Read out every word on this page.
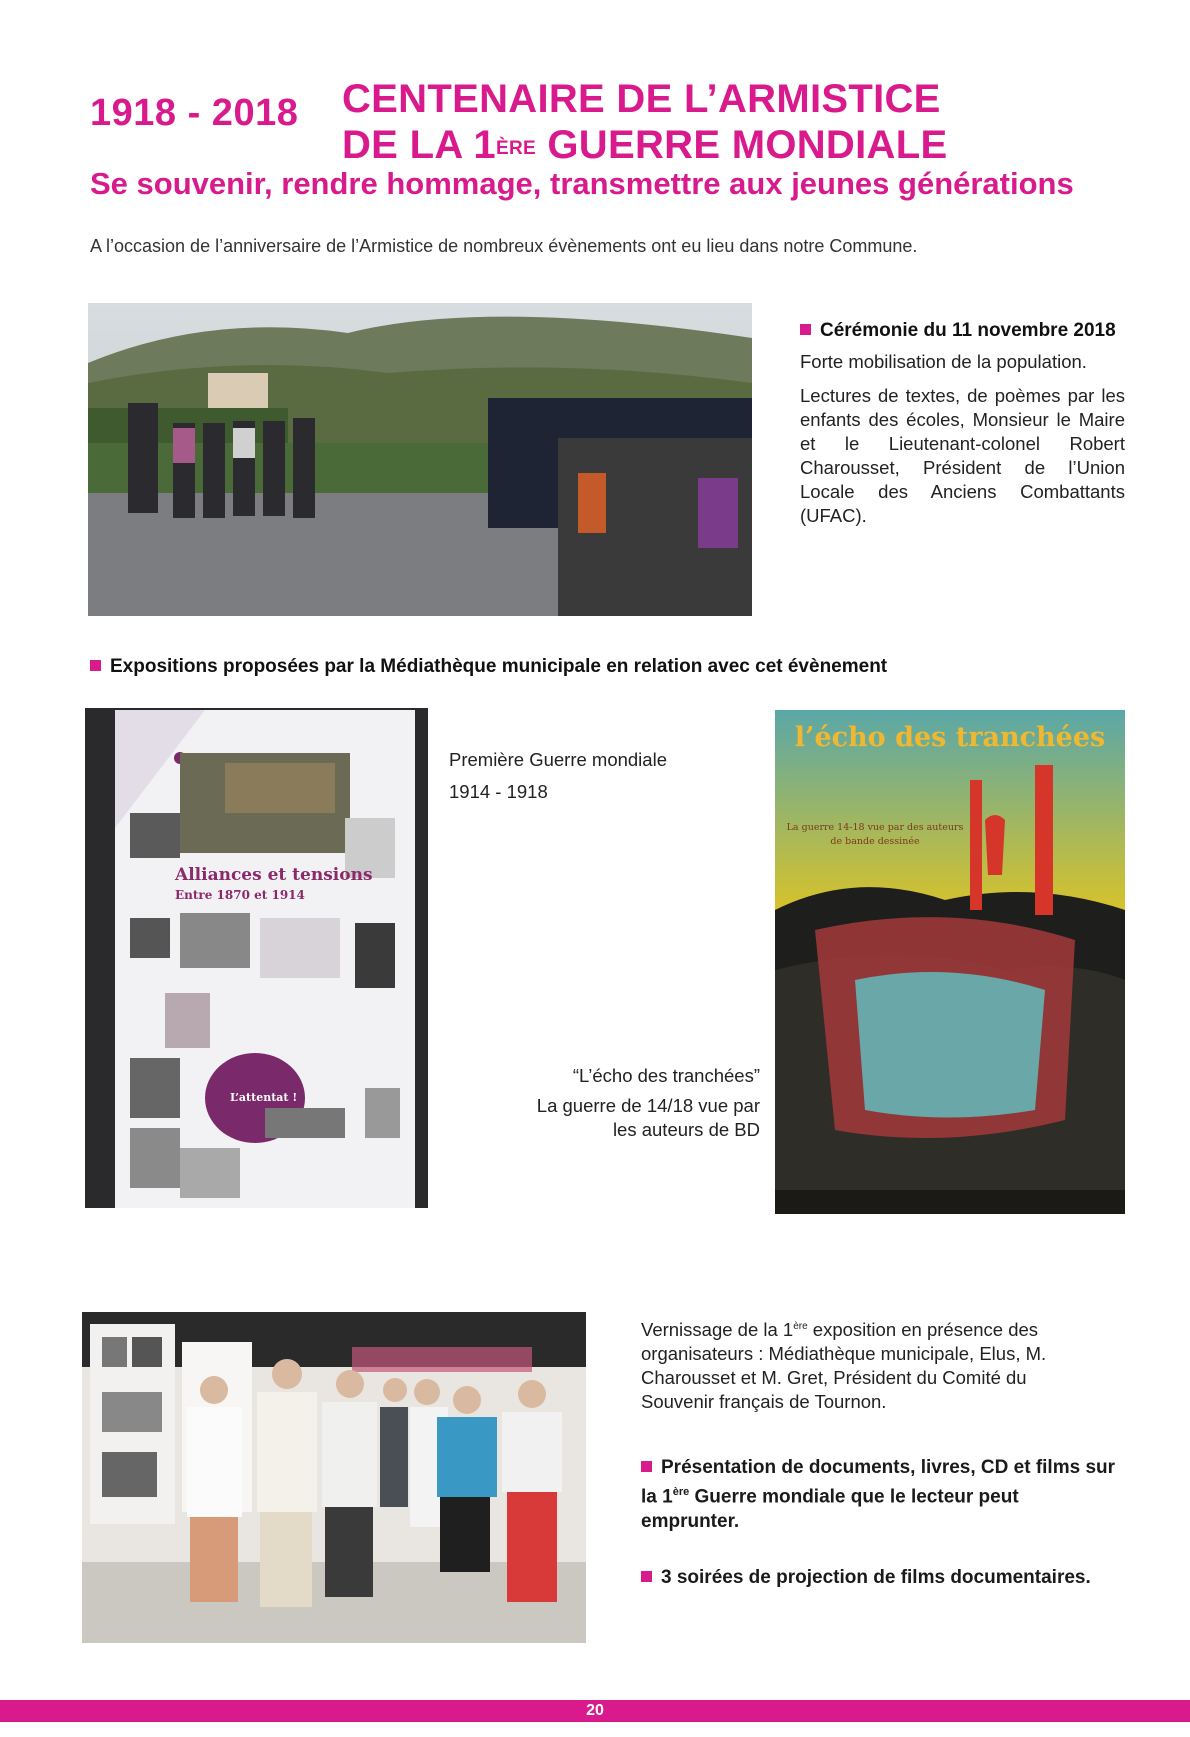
1918 - 2018 CENTENAIRE DE L’ARMISTICE
DE LA 1ÈRE GUERRE MONDIALE
Se souvenir, rendre hommage, transmettre aux jeunes générations
A l’occasion de l’anniversaire de l’Armistice de nombreux évènements ont eu lieu dans notre Commune.
Cérémonie du 11 novembre 2018

Forte mobilisation de la population.

Lectures de textes, de poèmes par les enfants des écoles, Monsieur le Maire et le Lieutenant-colonel Robert Charousset, Président de l’Union Locale des Anciens Combattants (UFAC).

Expositions proposées par la Médiathèque municipale en relation avec cet évènement
Alliances et tensions
Entre 1870 et 1914
L’attentat !

Première Guerre mondiale

1914 - 1918

l’écho des tranchées
La guerre 14-18 vue par des auteurs
de bande dessinée

“L’écho des tranchées”

La guerre de 14/18 vue par

les auteurs de BD

Vernissage de la 1ère exposition en présence des organisateurs : Médiathèque municipale, Elus, M. Charousset et M. Gret, Président du Comité du Souvenir français de Tournon.

Présentation de documents, livres, CD et films sur la 1ère Guerre mondiale que le lecteur peut emprunter.
3 soirées de projection de films documentaires.
20
